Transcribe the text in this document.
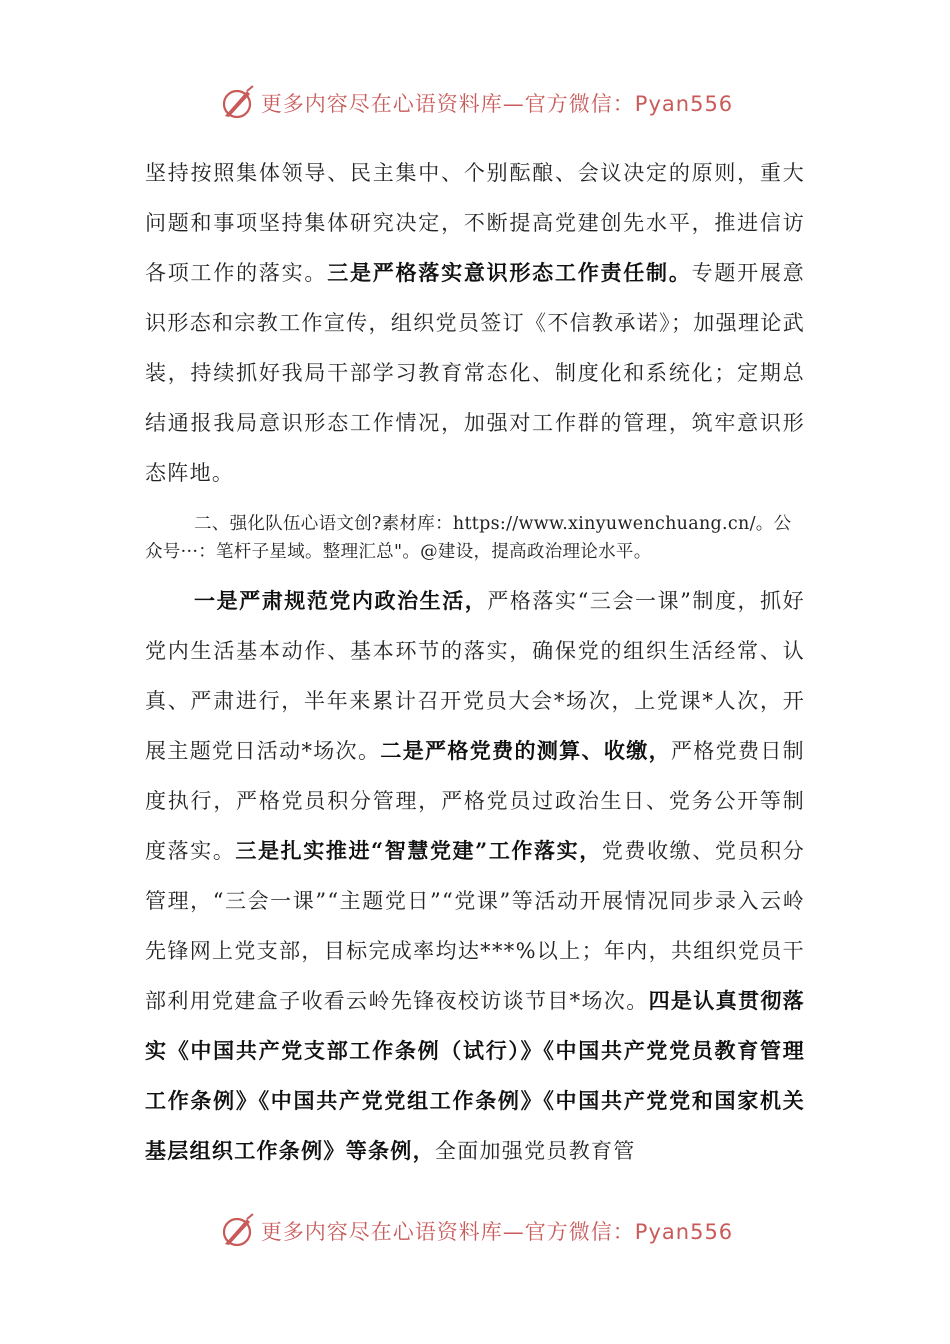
更多内容尽在心语资料库—官方微信：Pyan556

坚持按照集体领导、民主集中、个别酝酿、会议决定的原则，重大问题和事项坚持集体研究决定，不断提高党建创先水平，推进信访各项工作的落实。三是严格落实意识形态工作责任制。专题开展意识形态和宗教工作宣传，组织党员签订《不信教承诺》；加强理论武装，持续抓好我局干部学习教育常态化、制度化和系统化；定期总结通报我局意识形态工作情况，加强对工作群的管理，筑牢意识形态阵地。

二、强化队伍心语文创?素材库：https://www.xinyuwenchuang.cn/。公众号···：笔杆子星域。整理汇总"。@建设，提高政治理论水平。

一是严肃规范党内政治生活，严格落实“三会一课”制度，抓好党内生活基本动作、基本环节的落实，确保党的组织生活经常、认真、严肃进行，半年来累计召开党员大会*场次，上党课*人次，开展主题党日活动*场次。二是严格党费的测算、收缴，严格党费日制度执行，严格党员积分管理，严格党员过政治生日、党务公开等制度落实。三是扎实推进“智慧党建”工作落实，党费收缴、党员积分管理，“三会一课”“主题党日”“党课”等活动开展情况同步录入云岭先锋网上党支部，目标完成率均达***%以上；年内，共组织党员干部利用党建盒子收看云岭先锋夜校访谈节目*场次。四是认真贯彻落实《中国共产党支部工作条例（试行）》《中国共产党党员教育管理工作条例》《中国共产党党组工作条例》《中国共产党党和国家机关基层组织工作条例》等条例，全面加强党员教育管

更多内容尽在心语资料库—官方微信：Pyan556
